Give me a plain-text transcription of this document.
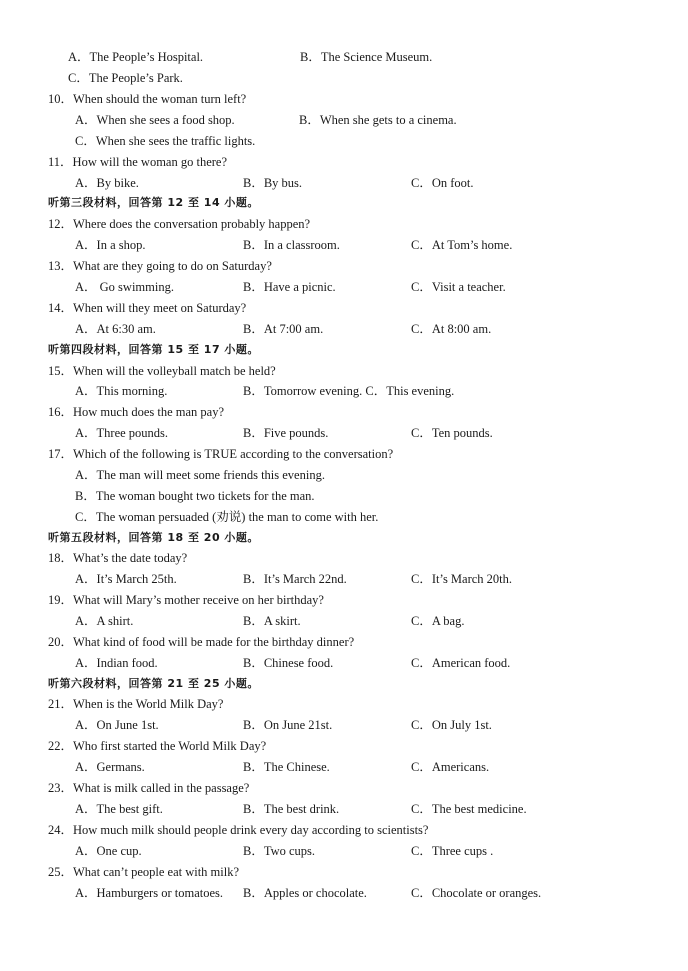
A．The People’s Hospital.	B．The Science Museum.
C．The People’s Park.
10．When should the woman turn left?
A．When she sees a food shop.	B．When she gets to a cinema.
C．When she sees the traffic lights.
11．How will the woman go there?
A．By bike.	B．By bus.	C．On foot.
听第三段材料，回答第 12 至 14 小题。
12．Where does the conversation probably happen?
A．In a shop.	B．In a classroom.	C．At Tom’s home.
13．What are they going to do on Saturday?
A． Go swimming.	B．Have a picnic.	C．Visit a teacher.
14．When will they meet on Saturday?
A．At 6:30 am.	B．At 7:00 am.	C．At 8:00 am.
听第四段材料，回答第 15 至 17 小题。
15．When will the volleyball match be held?
A．This morning.	B．Tomorrow evening. C．This evening.
16．How much does the man pay?
A．Three pounds.	B．Five pounds.	C．Ten pounds.
17．Which of the following is TRUE according to the conversation?
A．The man will meet some friends this evening.
B．The woman bought two tickets for the man.
C．The woman persuaded (劝说) the man to come with her.
听第五段材料，回答第 18 至 20 小题。
18．What’s the date today?
A．It’s March 25th.	B．It’s March 22nd.	C．It’s March 20th.
19．What will Mary’s mother receive on her birthday?
A．A shirt.	B．A skirt.	C．A bag.
20．What kind of food will be made for the birthday dinner?
A．Indian food.	B．Chinese food.	C．American food.
听第六段材料，回答第 21 至 25 小题。
21．When is the World Milk Day?
A．On June 1st.	B．On June 21st.	C．On July 1st.
22．Who first started the World Milk Day?
A．Germans.	B．The Chinese.	C．Americans.
23．What is milk called in the passage?
A．The best gift.	B．The best drink.	C．The best medicine.
24．How much milk should people drink every day according to scientists?
A．One cup.	B．Two cups.	C．Three cups .
25．What can’t people eat with milk?
A．Hamburgers or tomatoes. B．Apples or chocolate.	C．Chocolate or oranges.
